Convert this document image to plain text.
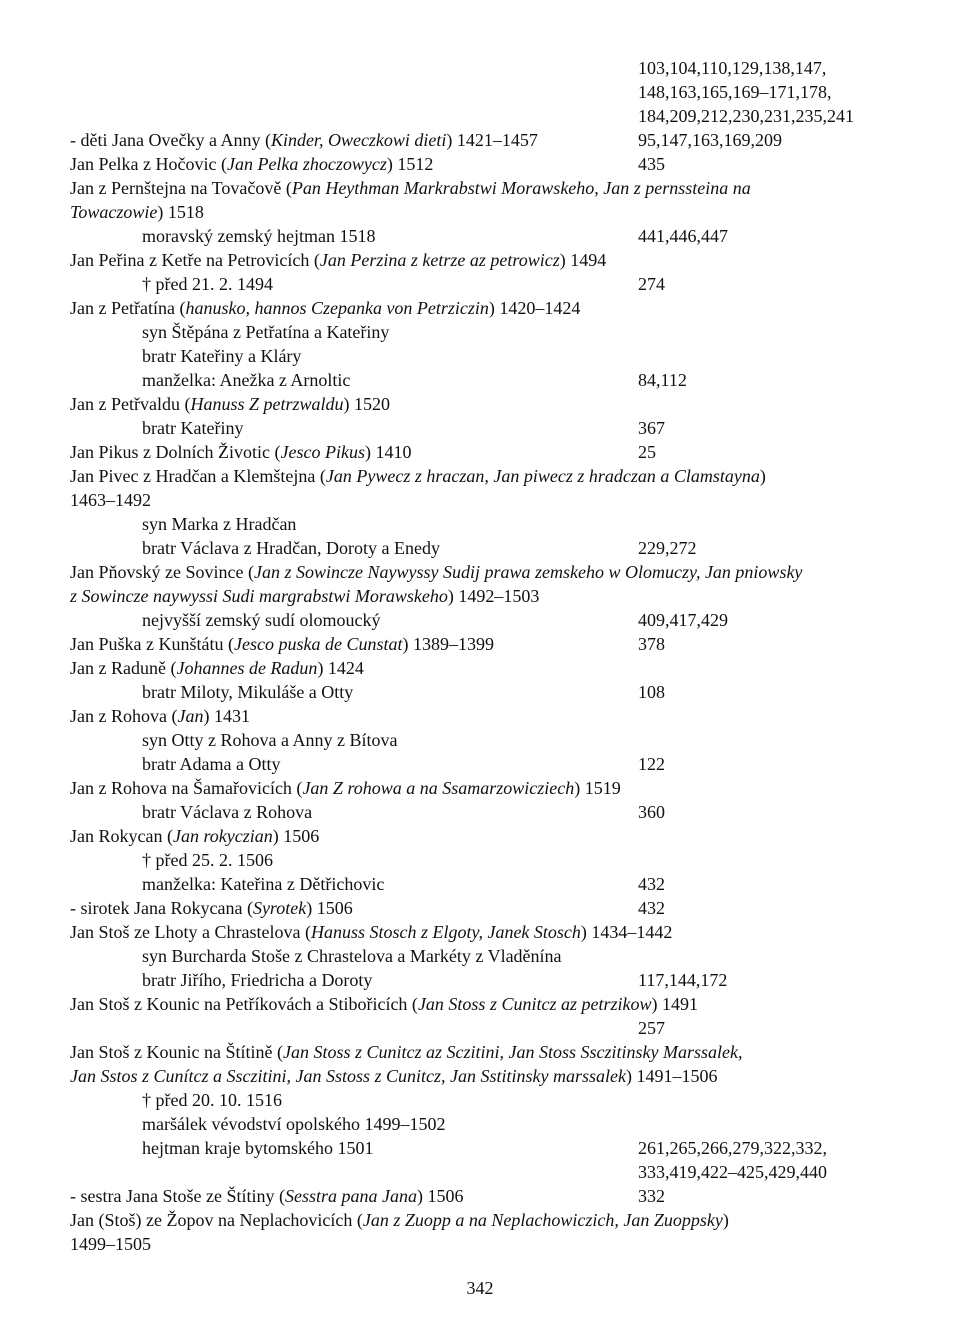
103,104,110,129,138,147,
148,163,165,169–171,178,
184,209,212,230,231,235,241
- děti Jana Ovečky a Anny (Kinder, Oweczkowi dieti) 1421–1457	95,147,163,169,209
Jan Pelka z Hočovic (Jan Pelka zhoczowycz) 1512	435
Jan z Pernštejna na Tovačově (Pan Heythman Markrabstwi Morawskeho, Jan z pernssteina na
Towaczowie) 1518
moravský zemský hejtman 1518	441,446,447
Jan Peřina z Ketře na Petrovicích (Jan Perzina z ketrze az petrowicz) 1494
† před 21. 2. 1494	274
Jan z Petřatína (hanusko, hannos Czepanka von Petrziczin) 1420–1424
syn Štěpána z Petřatína a Kateřiny
bratr Kateřiny a Kláry
manželka: Anežka z Arnoltic	84,112
Jan z Petřvaldu (Hanuss Z petrzwaldu) 1520
bratr Kateřiny	367
Jan Pikus z Dolních Životic (Jesco Pikus) 1410	25
Jan Pivec z Hradčan a Klemštejna (Jan Pywecz z hraczan, Jan piwecz z hradczan a Clamstayna)
1463–1492
syn Marka z Hradčan
bratr Václava z Hradčan, Doroty a Enedy	229,272
Jan Pňovský ze Sovince (Jan z Sowincze Naywyssy Sudij prawa zemskeho w Olomuczy, Jan pniowsky
z Sowincze naywyssi Sudi margrabstwi Morawskeho) 1492–1503
nejvyšší zemský sudí olomoucký	409,417,429
Jan Puška z Kunštátu (Jesco puska de Cunstat) 1389–1399	378
Jan z Raduně (Johannes de Radun) 1424
bratr Miloty, Mikuláše a Otty	108
Jan z Rohova (Jan) 1431
syn Otty z Rohova a Anny z Bítova
bratr Adama a Otty	122
Jan z Rohova na Šamařovicích (Jan Z rohowa a na Ssamarzowicziech) 1519
bratr Václava z Rohova	360
Jan Rokycan (Jan rokyczian) 1506
† před 25. 2. 1506
manželka: Kateřina z Dětřichovic	432
- sirotek Jana Rokycana (Syrotek) 1506	432
Jan Stoš ze Lhoty a Chrastelova (Hanuss Stosch z Elgoty, Janek Stosch) 1434–1442
syn Burcharda Stoše z Chrastelova a Markéty z Vladěnína
bratr Jiřího, Friedricha a Doroty	117,144,172
Jan Stoš z Kounic na Petříkovách a Stibořicích (Jan Stoss z Cunitcz az petrzikow) 1491
257
Jan Stoš z Kounic na Štítině (Jan Stoss z Cunitcz az Sczitini, Jan Stoss Ssczitinsky Marssalek,
Jan Sstos z Cunítcz a Ssczitini, Jan Sstoss z Cunitcz, Jan Sstitinsky marssalek) 1491–1506
† před 20. 10. 1516
maršálek vévodství opolského 1499–1502
hejtman kraje bytomského 1501	261,265,266,279,322,332,
333,419,422–425,429,440
- sestra Jana Stoše ze Štítiny (Sesstra pana Jana) 1506	332
Jan (Stoš) ze Žopov na Neplachovicích (Jan z Zuopp a na Neplachowiczich, Jan Zuoppsky)
1499–1505
342
